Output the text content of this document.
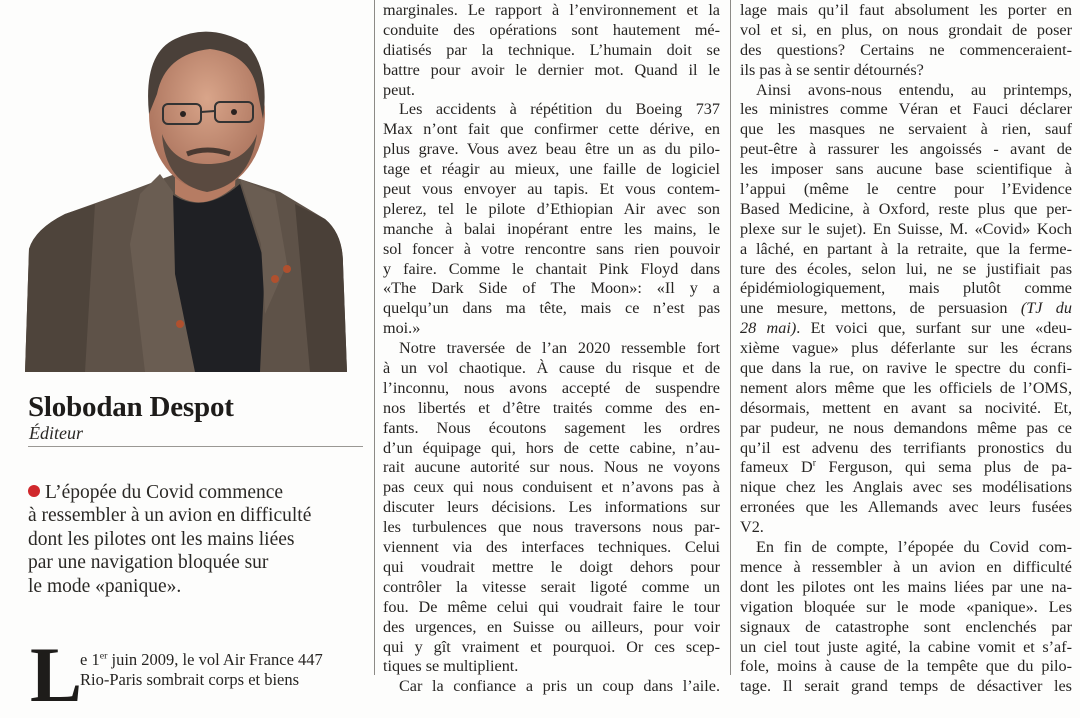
Slobodan Despot
Éditeur
L’épopée du Covid commence
à ressembler à un avion en difficulté
dont les pilotes ont les mains liées
par une navigation bloquée sur
le mode «panique».
L
e 1er juin 2009, le vol Air France 447
Rio-Paris sombrait corps et biens
marginales. Le rapport à l’environnement et la
conduite des opérations sont hautement mé-
diatisés par la technique. L’humain doit se
battre pour avoir le dernier mot. Quand il le
peut.
Les accidents à répétition du Boeing 737
Max n’ont fait que confirmer cette dérive, en
plus grave. Vous avez beau être un as du pilo-
tage et réagir au mieux, une faille de logiciel
peut vous envoyer au tapis. Et vous contem-
plerez, tel le pilote d’Ethiopian Air avec son
manche à balai inopérant entre les mains, le
sol foncer à votre rencontre sans rien pouvoir
y faire. Comme le chantait Pink Floyd dans
«The Dark Side of The Moon»: «Il y a
quelqu’un dans ma tête, mais ce n’est pas
moi.»
Notre traversée de l’an 2020 ressemble fort
à un vol chaotique. À cause du risque et de
l’inconnu, nous avons accepté de suspendre
nos libertés et d’être traités comme des en-
fants. Nous écoutons sagement les ordres
d’un équipage qui, hors de cette cabine, n’au-
rait aucune autorité sur nous. Nous ne voyons
pas ceux qui nous conduisent et n’avons pas à
discuter leurs décisions. Les informations sur
les turbulences que nous traversons nous par-
viennent via des interfaces techniques. Celui
qui voudrait mettre le doigt dehors pour
contrôler la vitesse serait ligoté comme un
fou. De même celui qui voudrait faire le tour
des urgences, en Suisse ou ailleurs, pour voir
qui y gît vraiment et pourquoi. Or ces scep-
tiques se multiplient.
Car la confiance a pris un coup dans l’aile.
lage mais qu’il faut absolument les porter en
vol et si, en plus, on nous grondait de poser
des questions? Certains ne commenceraient-
ils pas à se sentir détournés?
Ainsi avons-nous entendu, au printemps,
les ministres comme Véran et Fauci déclarer
que les masques ne servaient à rien, sauf
peut-être à rassurer les angoissés - avant de
les imposer sans aucune base scientifique à
l’appui (même le centre pour l’Evidence
Based Medicine, à Oxford, reste plus que per-
plexe sur le sujet). En Suisse, M. «Covid» Koch
a lâché, en partant à la retraite, que la ferme-
ture des écoles, selon lui, ne se justifiait pas
épidémiologiquement, mais plutôt comme
une mesure, mettons, de persuasion (TJ du
28 mai). Et voici que, surfant sur une «deu-
xième vague» plus déferlante sur les écrans
que dans la rue, on ravive le spectre du confi-
nement alors même que les officiels de l’OMS,
désormais, mettent en avant sa nocivité. Et,
par pudeur, ne nous demandons même pas ce
qu’il est advenu des terrifiants pronostics du
fameux $D^r$ Ferguson, qui sema plus de pa-
nique chez les Anglais avec ses modélisations
erronées que les Allemands avec leurs fusées
V2.
En fin de compte, l’épopée du Covid com-
mence à ressembler à un avion en difficulté
dont les pilotes ont les mains liées par une na-
vigation bloquée sur le mode «panique». Les
signaux de catastrophe sont enclenchés par
un ciel tout juste agité, la cabine vomit et s’af-
fole, moins à cause de la tempête que du pilo-
tage. Il serait grand temps de désactiver les
